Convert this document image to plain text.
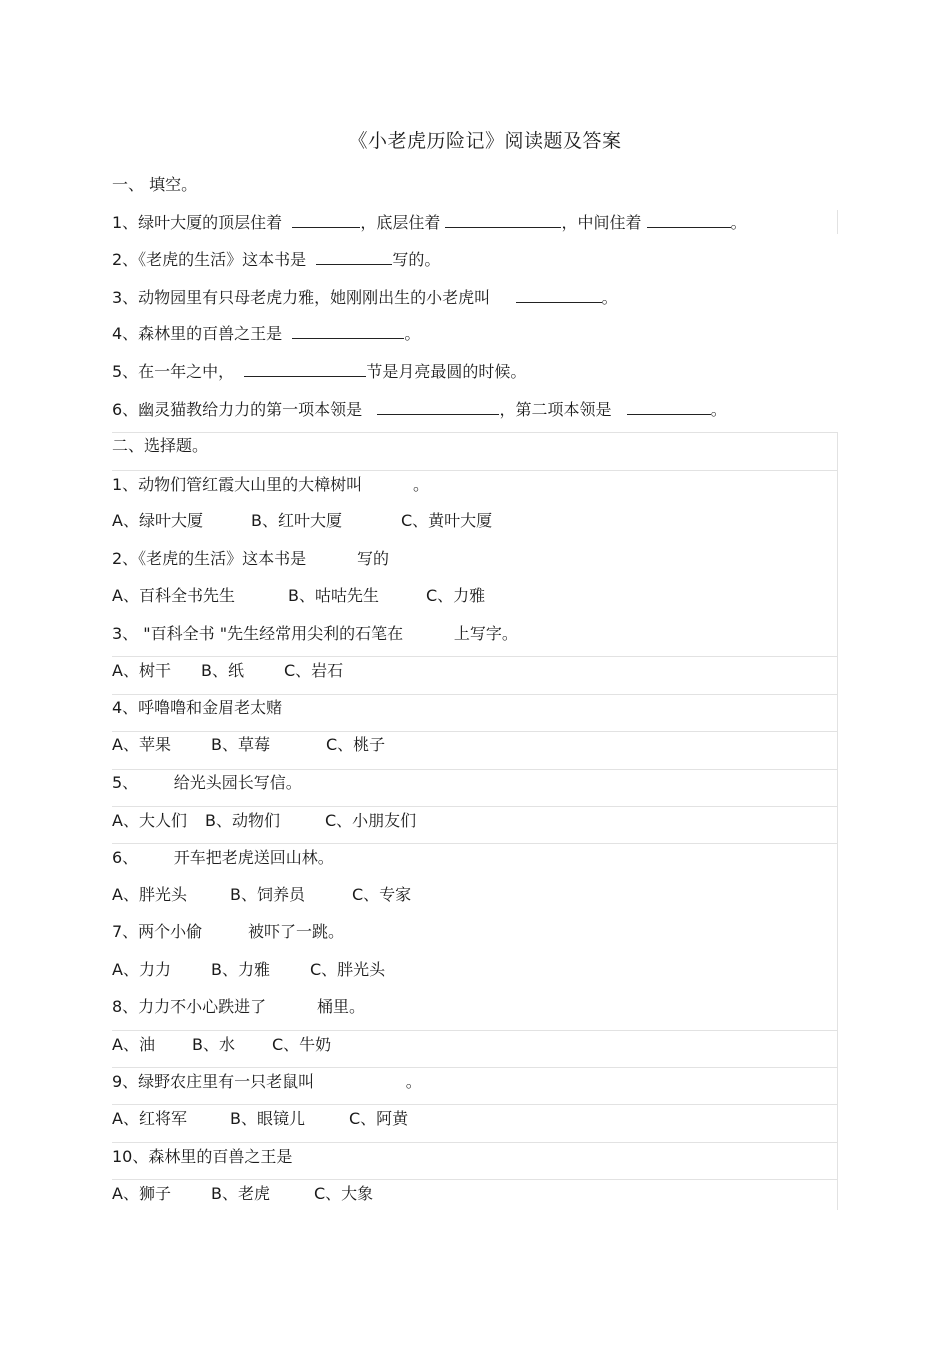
《小老虎历险记》阅读题及答案
一、 填空。
1、绿叶大厦的顶层住着	，底层住着	，中间住着	。
2、《老虎的生活》这本书是	写的。
3、动物园里有只母老虎力雅，她刚刚出生的小老虎叫	。
4、森林里的百兽之王是	。
5、在一年之中，	节是月亮最圆的时候。
6、幽灵猫教给力力的第一项本领是	，第二项本领是	。
二、选择题。
1、动物们管红霞大山里的大樟树叫          。
A、绿叶大厦	B、红叶大厦	C、黄叶大厦
2、《老虎的生活》这本书是          写的
A、百科全书先生	B、咕咕先生	C、力雅
3、 "百科全书 "先生经常用尖利的石笔在          上写字。
A、树干 B、纸	C、岩石
4、呼噜噜和金眉老太赌
A、苹果	B、草莓	C、桃子
5、       给光头园长写信。
A、大人们 B、动物们	C、小朋友们
6、       开车把老虎送回山林。
A、胖光头	B、饲养员	C、专家
7、两个小偷         被吓了一跳。
A、力力	B、力雅	C、胖光头
8、力力不小心跌进了          桶里。
A、油 B、水 C、牛奶
9、绿野农庄里有一只老鼠叫                  。
A、红将军	B、眼镜儿	C、阿黄
10、森林里的百兽之王是
A、狮子	B、老虎	C、大象
